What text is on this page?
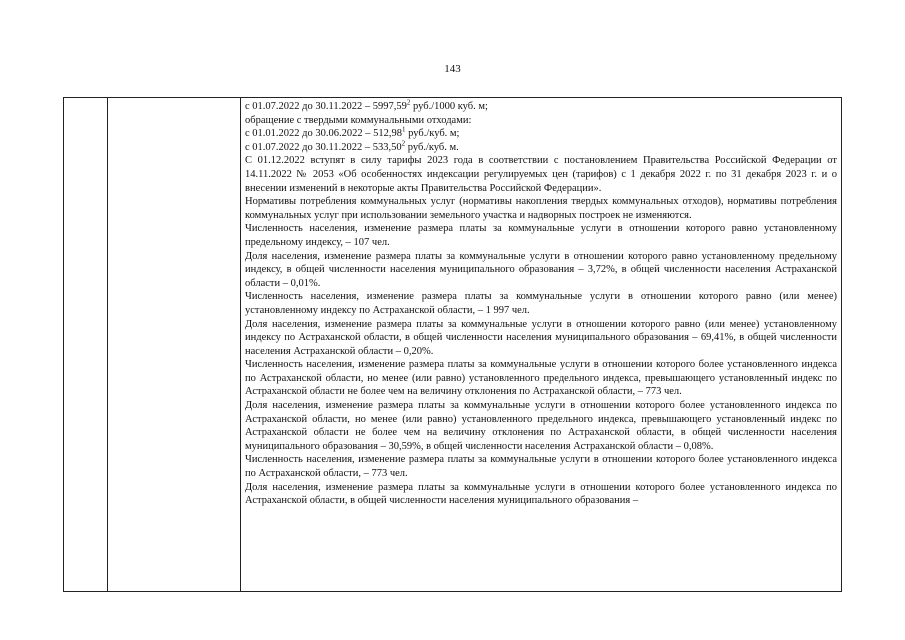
143

с 01.07.2022 до 30.11.2022 – 5997,59$^2$ руб./1000 куб. м;
обращение с твердыми коммунальными отходами:
с 01.01.2022 до 30.06.2022 – 512,98$^1$ руб./куб. м;
с 01.07.2022 до 30.11.2022 – 533,50$^2$ руб./куб. м.

С 01.12.2022 вступят в силу тарифы 2023 года в соответствии с постановлением Правительства Российской Федерации от 14.11.2022 № 2053 «Об особенностях индексации регулируемых цен (тарифов) с 1 декабря 2022 г. по 31 декабря 2023 г. и о внесении изменений в некоторые акты Правительства Российской Федерации».

Нормативы потребления коммунальных услуг (нормативы накопления твердых коммунальных отходов), нормативы потребления коммунальных услуг при использовании земельного участка и надворных построек не изменяются.

Численность населения, изменение размера платы за коммунальные услуги в отношении которого равно установленному предельному индексу, – 107 чел.

Доля населения, изменение размера платы за коммунальные услуги в отношении которого равно установленному предельному индексу, в общей численности населения муниципального образования – 3,72%, в общей численности населения Астраханской области – 0,01%.

Численность населения, изменение размера платы за коммунальные услуги в отношении которого равно (или менее) установленному индексу по Астраханской области, – 1 997 чел.

Доля населения, изменение размера платы за коммунальные услуги в отношении которого равно (или менее) установленному индексу по Астраханской области, в общей численности населения муниципального образования – 69,41%, в общей численности населения Астраханской области – 0,20%.

Численность населения, изменение размера платы за коммунальные услуги в отношении которого более установленного индекса по Астраханской области, но менее (или равно) установленного предельного индекса, превышающего установленный индекс по Астраханской области не более чем на величину отклонения по Астраханской области, – 773 чел.

Доля населения, изменение размера платы за коммунальные услуги в отношении которого более установленного индекса по Астраханской области, но менее (или равно) установленного предельного индекса, превышающего установленный индекс по Астраханской области не более чем на величину отклонения по Астраханской области, в общей численности населения муниципального образования – 30,59%, в общей численности населения Астраханской области – 0,08%.

Численность населения, изменение размера платы за коммунальные услуги в отношении которого более установленного индекса по Астраханской области, – 773 чел.

Доля населения, изменение размера платы за коммунальные услуги в отношении которого более установленного индекса по Астраханской области, в общей численности населения муниципального образования –
